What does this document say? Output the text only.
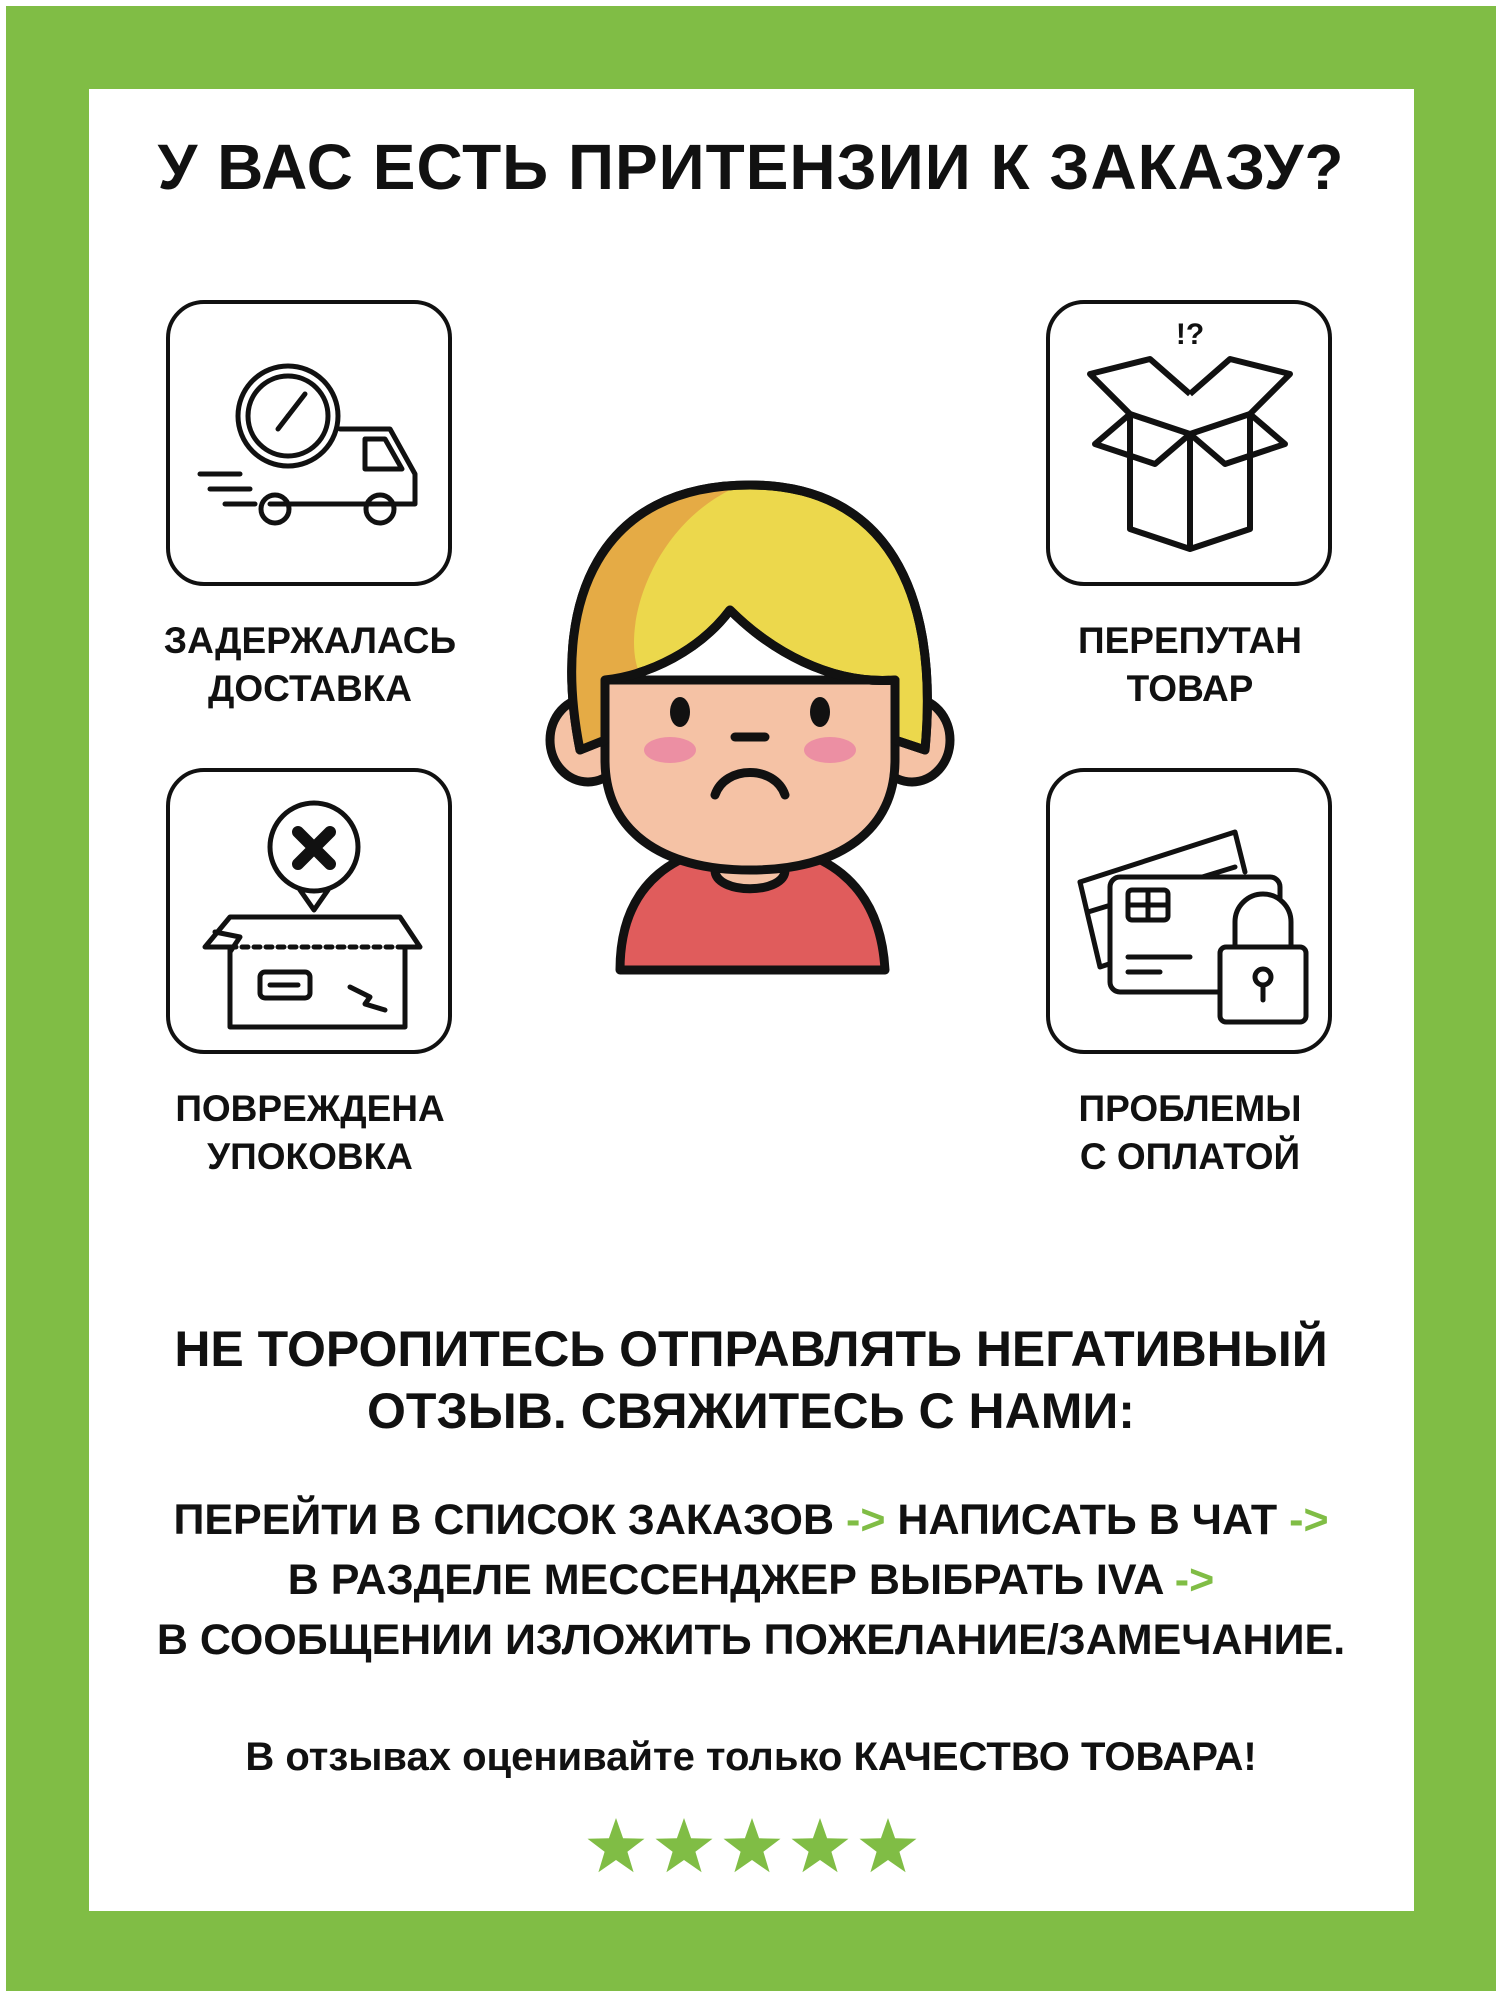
У ВАС ЕСТЬ ПРИТЕНЗИИ К ЗАКАЗУ?
ЗАДЕРЖАЛАСЬ
ДОСТАВКА
!?
ПЕРЕПУТАН
ТОВАР
ПОВРЕЖДЕНА
УПОКОВКА
ПРОБЛЕМЫ
С ОПЛАТОЙ
НЕ ТОРОПИТЕСЬ ОТПРАВЛЯТЬ НЕГАТИВНЫЙ
ОТЗЫВ. СВЯЖИТЕСЬ С НАМИ:
ПЕРЕЙТИ В СПИСОК ЗАКАЗОВ -> НАПИСАТЬ В ЧАТ ->
В РАЗДЕЛЕ МЕССЕНДЖЕР ВЫБРАТЬ IVA ->
В СООБЩЕНИИ ИЗЛОЖИТЬ ПОЖЕЛАНИЕ/ЗАМЕЧАНИЕ.
В отзывах оценивайте только КАЧЕСТВО ТОВАРА!
